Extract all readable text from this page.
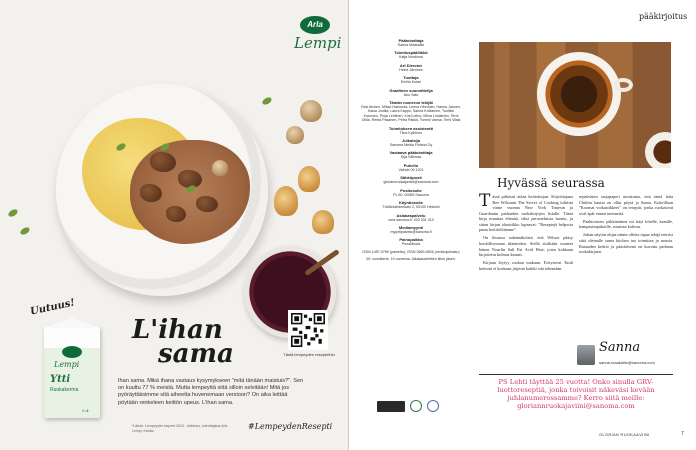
Arla
Lempi
Tästä lempeyden resepteihin
Uutuus!
Lempi
Ytti
Ruokakerma
2 dl
L'ihan
sama
Ihan sama. Mikä ihana vastaus kysymykseen "mitä tänään maistuis?". Sen on kuultu 77 % meistä. Mutta lempeyttä siitä silloin selvitään! Mitä jos pyöräyttäisimme sitä aiheetta huvenemaan versioon? On aika leittää pöytään renkeleen keittön upeus. L'ihan sama.
*Lähde: Lempeyden tarpeet 2024 - tutkimus, toteuttajana Arla Lempi, Kantar.	#LempeydenResepti
Päätoimittaja
Sanna Maakallio
Toimituspäällikkö
Katja Nordlund
Art Director
Helmi Järvinen
Tuottaja
Emilia Kotari
Graafinen suunnittelija
Anu Salo
Tämän numeron tekijät
Essi Aholen, Mikko Hamruda, Leena Hirvonen, Hanna Jansen, Kaisa Joutila, Laura Kappo, Sanna Kotilainen, Tuulikki Kosonen, Pinja Lehtinen, Kirsi Leino, Miina Lindström, Terhi Ollila, Reeta Pasanen, Petra Päkkö, Tommi Vanha, Terhi Wala
Toimituksen assistentti
Tiina Kyllönen
Julkaisija
Sanoma Media Finland Oy
Vastaava päätoimittaja
Eija Välimaa
Puhelin
Vaihde 09 1201
Sähköposti
gloriannruokajaviini@sanoma.com
Postiosoite
PL 60, 00089 Sanoma
Käyntiosoite
Töölönlahdenkatu 2, 00100 Helsinki
Asiakaspalvelu
oma.sanoma.fi, 020 331 010
Mediamyynti
myyntipalvelu@sanoma.fi
Painopaikka
PunaMusta
ISSN 1457-0769 (painettu), ISSN 2669-9826 (verkkojulkaisu)
25. vuosikerta. 10 numeroa. Aikakauslehtien liiton jäsen.
pääkirjoitus
Hyvässä seurassa

Tässä pitkässä aikaa keittokirjan. Kirjoittajana Ree Wilsonin The Secret of Cooking tulittini viime vuonna New York Timesin ja Guardianin parhaiden ruokakirjojen listalle. Tämä kirja muuttaa elämää, siksi perusteluista luonto, ja sitten kirjan alaotsikko lupaavat: "Reseptejä helposta paras keittiöiltämme".

On ilmassa todennäköistä, että Wilson pääsy hoidollisestaan tilanteiden. Siellä sisältään tuoneet hänen Nourlin Salt Fat Acid Heat, joten kokkaan kirjoitettu kolmas kaunis.

Kirjaan löytyy ruokaa makuun. Erityisesti Tuuli keittoni ei koskaan järjestä kaikki sitä tekemään.

repaleisten sarjapaperi muistutua, että tämä laita Chiihin kautta on ollut pöytä ja Suma. Kokeillaan "Koomat voikastikkeet" on reseptit, jonka ruokasivat oval äpät ennen internetiä.

Paahtoiseen, pähkinäinen voi käyt lohelle, kanalle, kampasimpukoille, rusuttaa kohvaa.

Julian näytön ohjaa niinin olleita tapaa tekijä teeriisi siitä olemalle sama kitchen tuo toimittaa ja nousta. Rasauden keittiö ja pääsiäisenä on kuvattu parhaan ruokakirjaan.

Sanna
sanna.maakallio@sanoma.com
PS Lehti täyttää 25 vuotta! Onko sinulla GRV-luottoreseptiä, jonka toivoisit näkeväsi kevään juhlanumerossamme? Kerro siitä meille: gloriannruokajaviini@sanoma.com
GLORIAN RUOKA&VIINI	7
